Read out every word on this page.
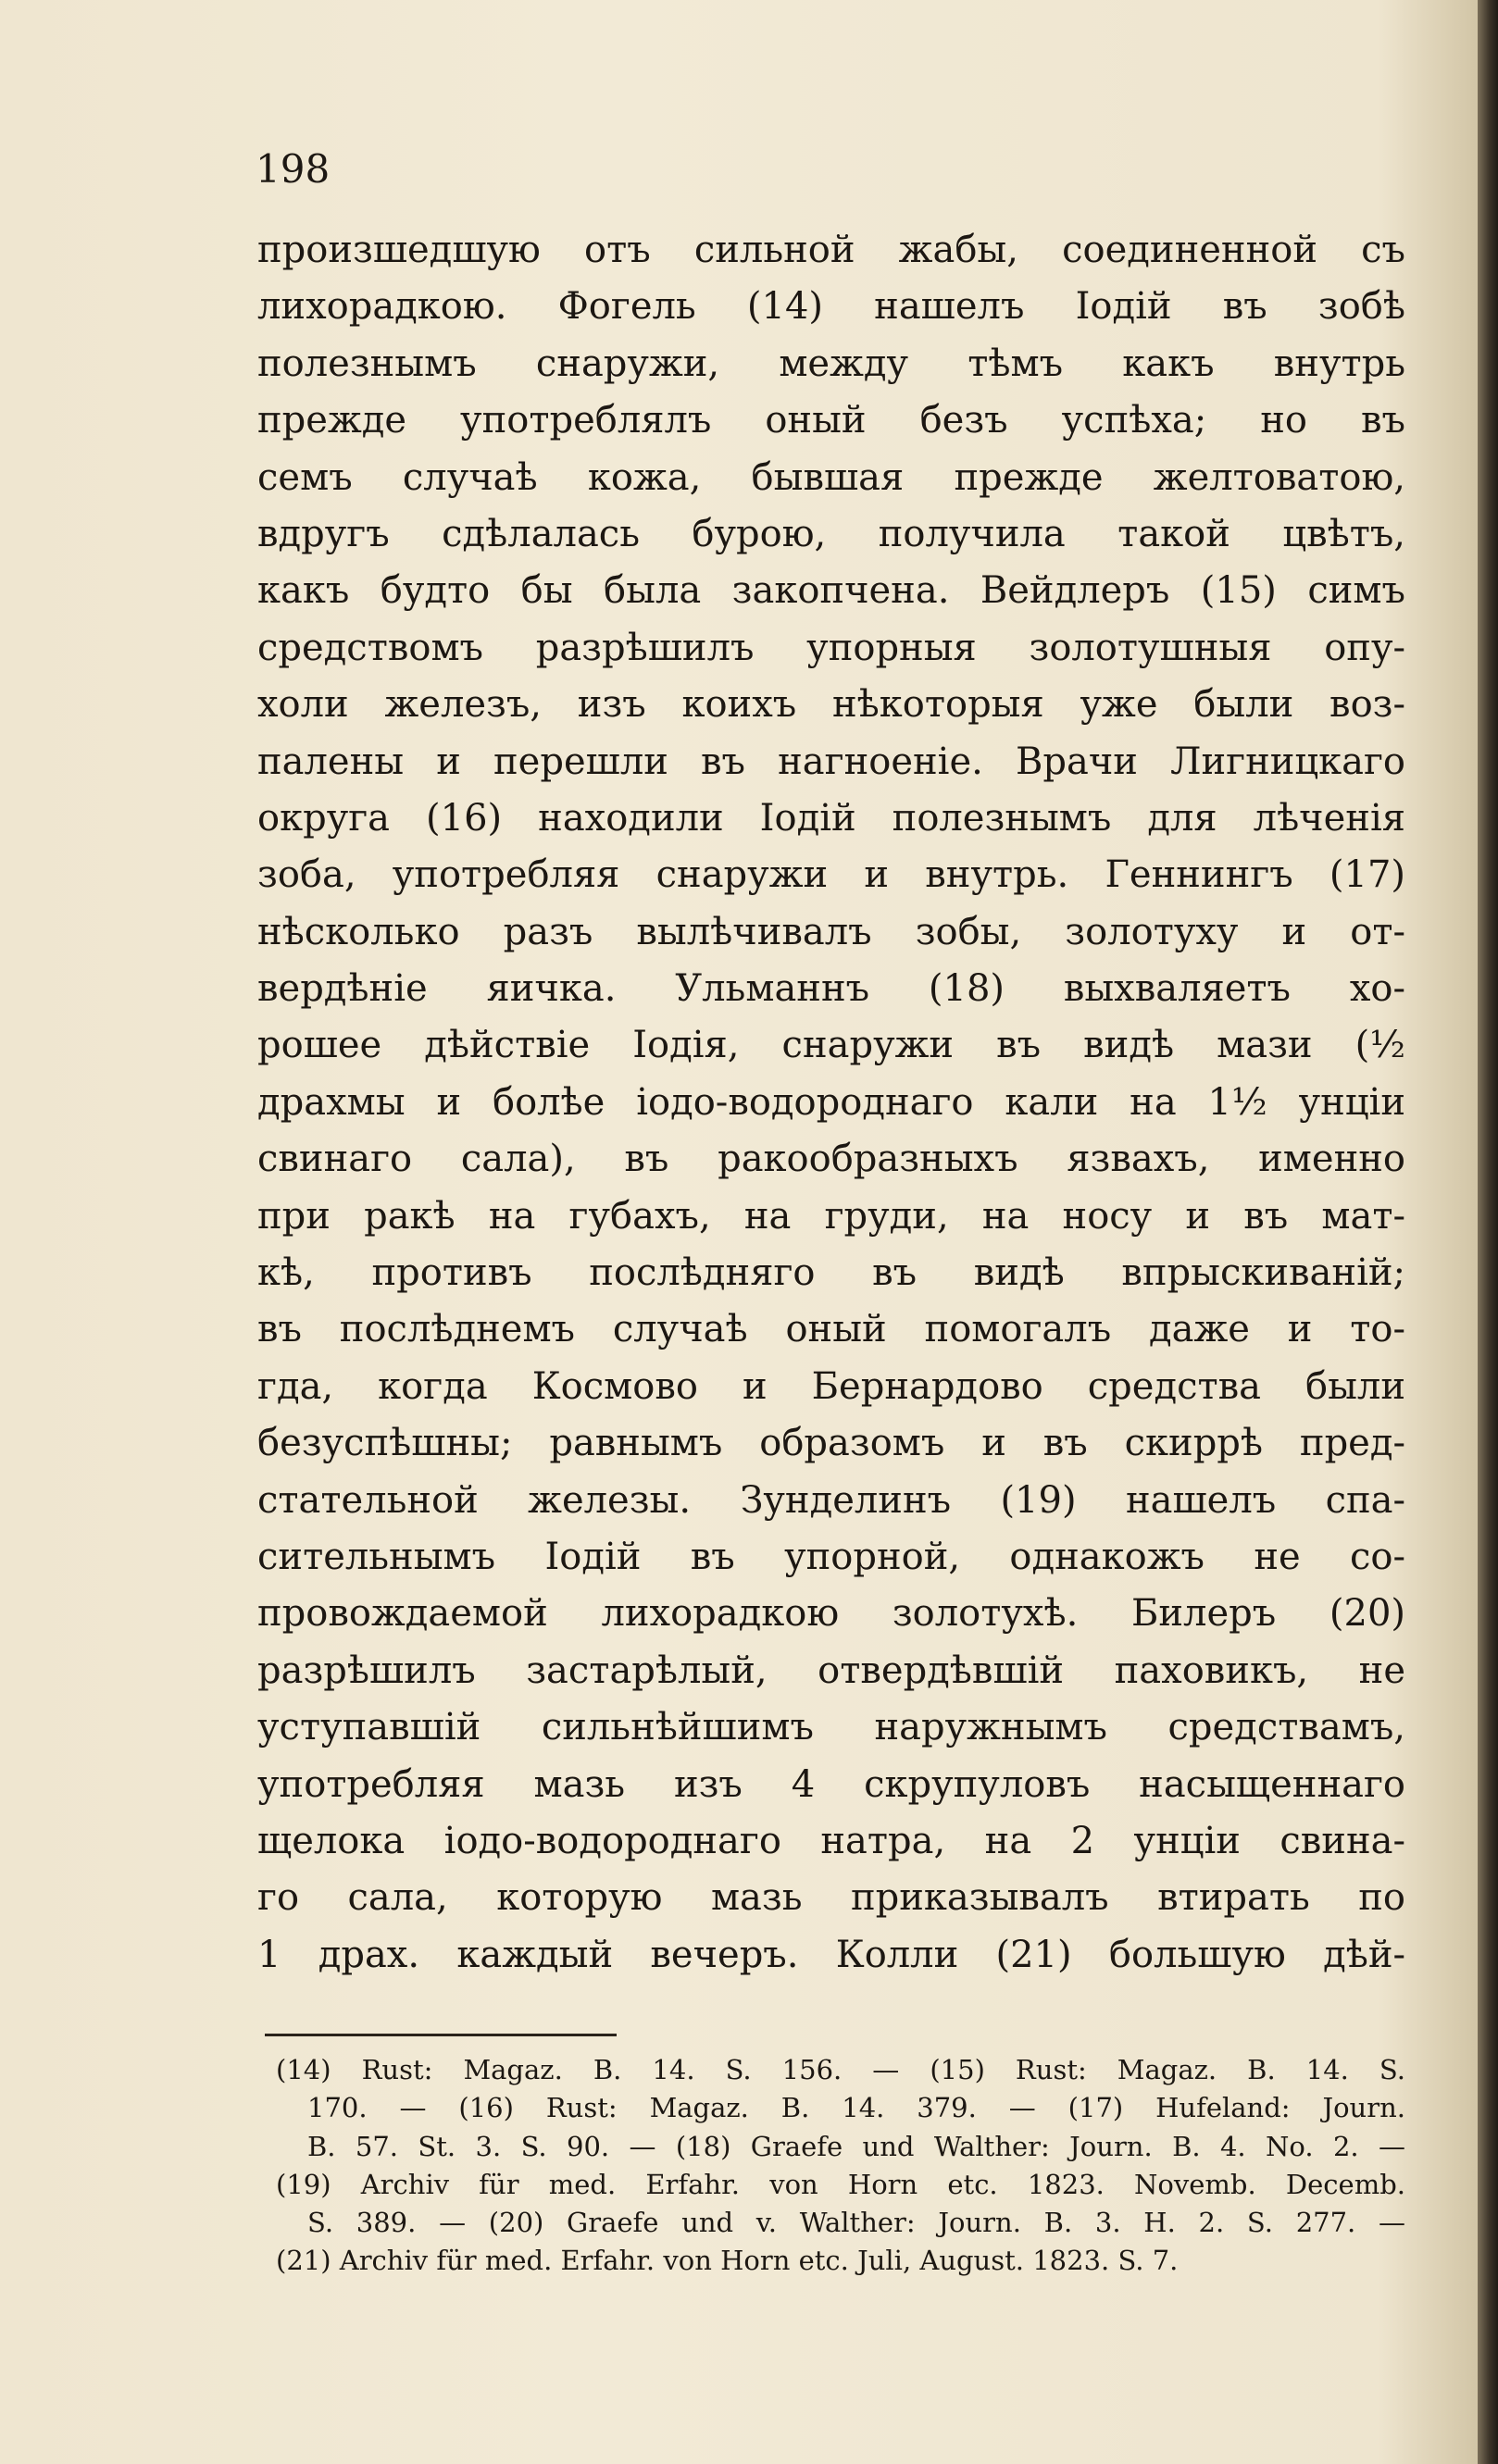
198
произшедшую отъ сильной жабы, соединенной съ
лихорадкою. Фогель (14) нашелъ Іодій въ зобѣ
полезнымъ снаружи, между тѣмъ какъ внутрь
прежде употреблялъ оный безъ успѣха; но въ
семъ случаѣ кожа, бывшая прежде желтоватою,
вдругъ сдѣлалась бурою, получила такой цвѣтъ,
какъ будто бы была закопчена. Вейдлеръ (15) симъ
средствомъ разрѣшилъ упорныя золотушныя опу-
холи железъ, изъ коихъ нѣкоторыя уже были воз-
палены и перешли въ нагноеніе. Врачи Лигницкаго
округа (16) находили Іодій полезнымъ для лѣченія
зоба, употребляя снаружи и внутрь. Геннингъ (17)
нѣсколько разъ вылѣчивалъ зобы, золотуху и от-
вердѣніе яичка. Ульманнъ (18) выхваляетъ хо-
рошее дѣйствіе Іодія, снаружи въ видѣ мази (½
драхмы и болѣе іодо-водороднаго кали на 1½ унціи
свинаго сала), въ ракообразныхъ язвахъ, именно
при ракѣ на губахъ, на груди, на носу и въ мат-
кѣ, противъ послѣдняго въ видѣ впрыскиваній;
въ послѣднемъ случаѣ оный помогалъ даже и то-
гда, когда Космово и Бернардово средства были
безуспѣшны; равнымъ образомъ и въ скиррѣ пред-
стательной железы. Зунделинъ (19) нашелъ спа-
сительнымъ Іодій въ упорной, однакожъ не со-
провождаемой лихорадкою золотухѣ. Билеръ (20)
разрѣшилъ застарѣлый, отвердѣвшій паховикъ, не
уступавшій сильнѣйшимъ наружнымъ средствамъ,
употребляя мазь изъ 4 скрупуловъ насыщеннаго
щелока іодо-водороднаго натра, на 2 унціи свина-
го сала, которую мазь приказывалъ втирать по
1 драх. каждый вечеръ. Колли (21) большую дѣй-
(14) Rust: Magaz. B. 14. S. 156. — (15) Rust: Magaz. B. 14. S.
170. — (16) Rust: Magaz. B. 14. 379. — (17) Hufeland: Journ.
B. 57. St. 3. S. 90. — (18) Graefe und Walther: Journ. B. 4. No. 2. —
(19) Archiv für med. Erfahr. von Horn etc. 1823. Novemb. Decemb.
S. 389. — (20) Graefe und v. Walther: Journ. B. 3. H. 2. S. 277. —
(21) Archiv für med. Erfahr. von Horn etc. Juli, August. 1823. S. 7.
